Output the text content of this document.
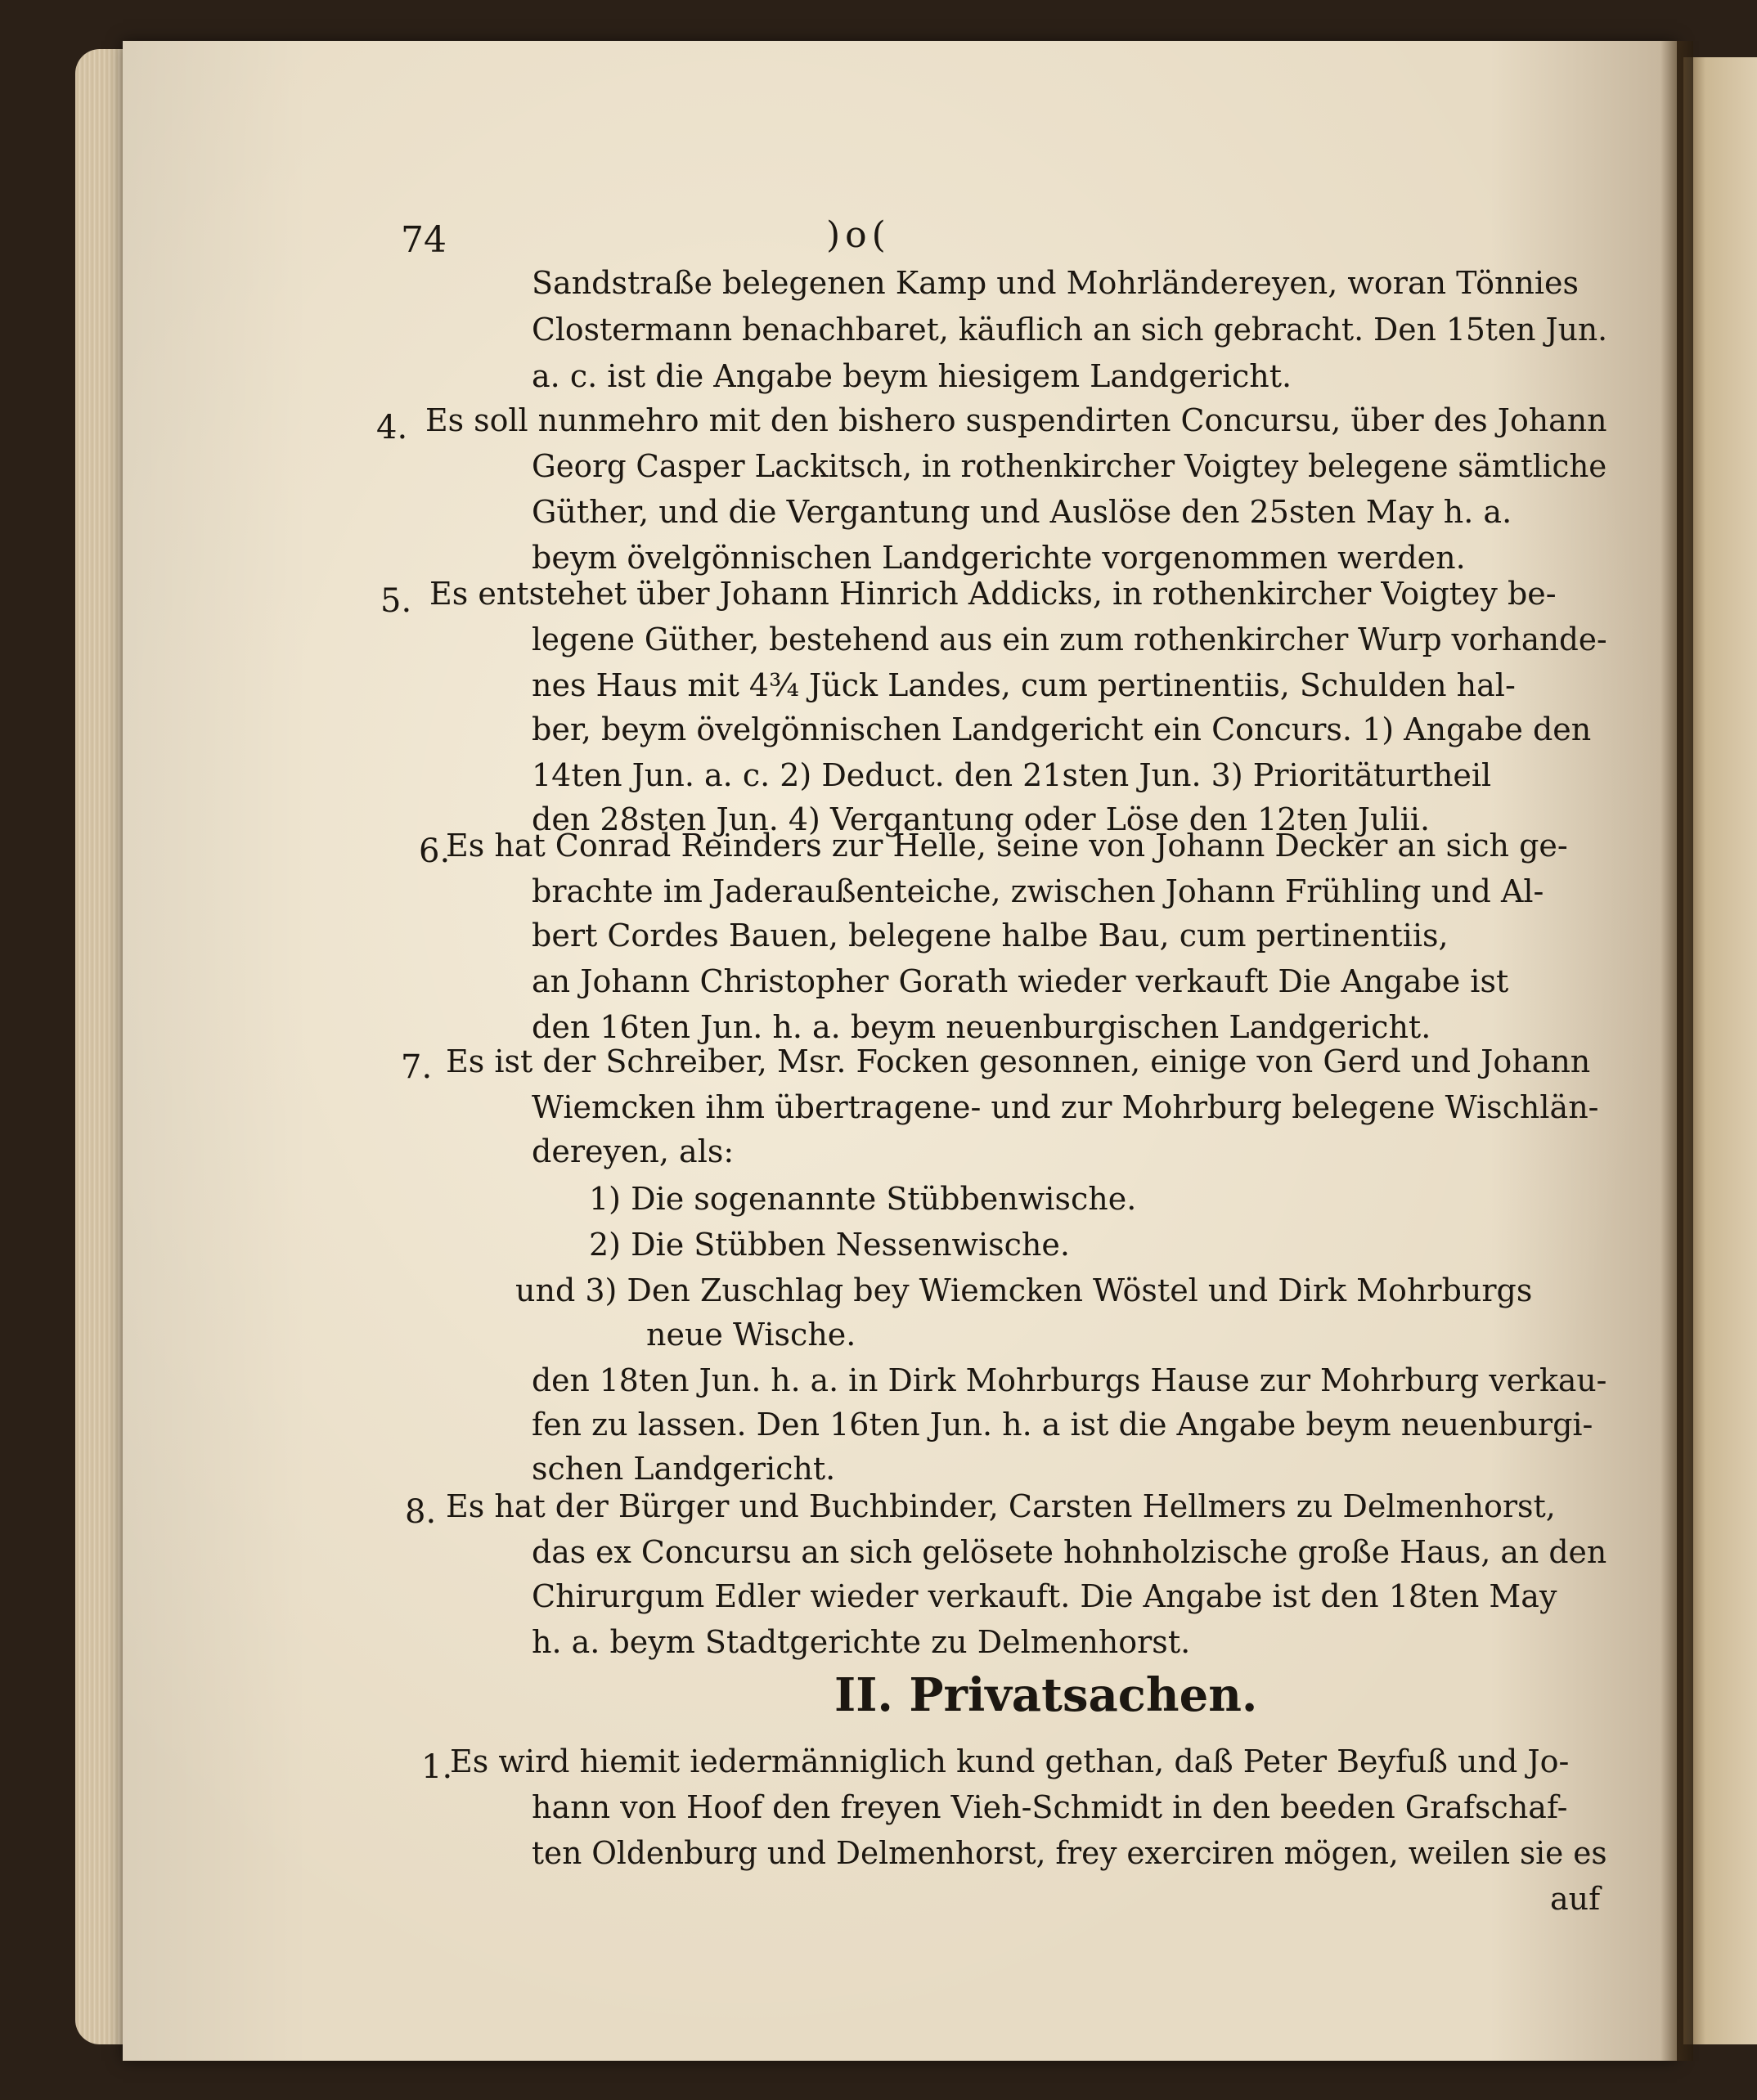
74	)o(
Sandstraße belegenen Kamp und Mohrländereyen, woran Tönnies
Clostermann benachbaret, käuflich an sich gebracht. Den 15ten Jun.
a. c. ist die Angabe beym hiesigem Landgericht.
4. Es soll nunmehro mit den bishero suspendirten Concursu, über des Johann
Georg Casper Lackitsch, in rothenkircher Voigtey belegene sämtliche
Güther, und die Vergantung und Auslöse den 25sten May h. a.
beym övelgönnischen Landgerichte vorgenommen werden.
5. Es entstehet über Johann Hinrich Addicks, in rothenkircher Voigtey be-
legene Güther, bestehend aus ein zum rothenkircher Wurp vorhande-
nes Haus mit 4¾ Jück Landes, cum pertinentiis, Schulden hal-
ber, beym övelgönnischen Landgericht ein Concurs. 1) Angabe den
14ten Jun. a. c. 2) Deduct. den 21sten Jun. 3) Prioritäturtheil
den 28sten Jun. 4) Vergantung oder Löse den 12ten Julii.
6.
Es hat Conrad Reinders zur Helle, seine von Johann Decker an sich ge-
brachte im Jaderaußenteiche, zwischen Johann Frühling und Al-
bert Cordes Bauen, belegene halbe Bau, cum pertinentiis,
an Johann Christopher Gorath wieder verkauft Die Angabe ist
den 16ten Jun. h. a. beym neuenburgischen Landgericht.
7. Es ist der Schreiber, Msr. Focken gesonnen, einige von Gerd und Johann
Wiemcken ihm übertragene- und zur Mohrburg belegene Wischlän-
dereyen, als:
1) Die sogenannte Stübbenwische.
2) Die Stübben Nessenwische.
und 3) Den Zuschlag bey Wiemcken Wöstel und Dirk Mohrburgs
neue Wische.
den 18ten Jun. h. a. in Dirk Mohrburgs Hause zur Mohrburg verkau-
fen zu lassen. Den 16ten Jun. h. a ist die Angabe beym neuenburgi-
schen Landgericht.
8. Es hat der Bürger und Buchbinder, Carsten Hellmers zu Delmenhorst,
das ex Concursu an sich gelösete hohnholzische große Haus, an den
Chirurgum Edler wieder verkauft. Die Angabe ist den 18ten May
h. a. beym Stadtgerichte zu Delmenhorst.
II. Privatsachen.
1.
Es wird hiemit iedermänniglich kund gethan, daß Peter Beyfuß und Jo-
hann von Hoof den freyen Vieh-Schmidt in den beeden Grafschaf-
ten Oldenburg und Delmenhorst, frey exerciren mögen, weilen sie es
auf
